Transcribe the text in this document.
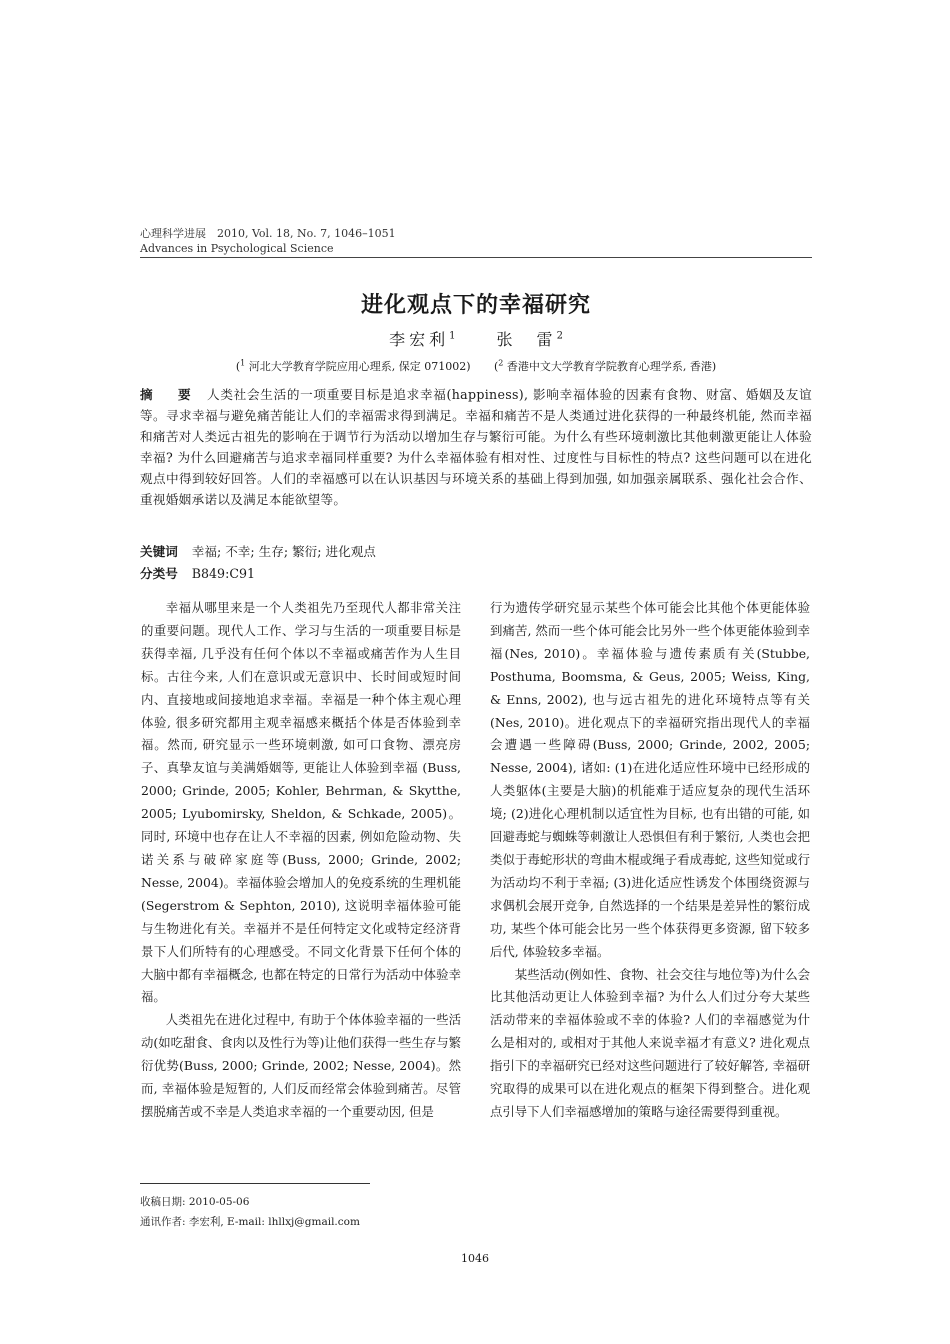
心理科学进展　2010, Vol. 18, No. 7, 1046–1051
Advances in Psychological Science
进化观点下的幸福研究
李宏利$^1$	张　雷$^2$
($^1$ 河北大学教育学院应用心理系, 保定 071002) ($^2$ 香港中文大学教育学院教育心理学系, 香港)
摘　要 人类社会生活的一项重要目标是追求幸福(happiness), 影响幸福体验的因素有食物、财富、婚姻及友谊等。寻求幸福与避免痛苦能让人们的幸福需求得到满足。幸福和痛苦不是人类通过进化获得的一种最终机能, 然而幸福和痛苦对人类远古祖先的影响在于调节行为活动以增加生存与繁衍可能。为什么有些环境刺激比其他刺激更能让人体验幸福? 为什么回避痛苦与追求幸福同样重要? 为什么幸福体验有相对性、过度性与目标性的特点? 这些问题可以在进化观点中得到较好回答。人们的幸福感可以在认识基因与环境关系的基础上得到加强, 如加强亲属联系、强化社会合作、重视婚姻承诺以及满足本能欲望等。
关键词 幸福; 不幸; 生存; 繁衍; 进化观点
分类号 B849:C91

幸福从哪里来是一个人类祖先乃至现代人都非常关注的重要问题。现代人工作、学习与生活的一项重要目标是获得幸福, 几乎没有任何个体以不幸福或痛苦作为人生目标。古往今来, 人们在意识或无意识中、长时间或短时间内、直接地或间接地追求幸福。幸福是一种个体主观心理体验, 很多研究都用主观幸福感来概括个体是否体验到幸福。然而, 研究显示一些环境刺激, 如可口食物、漂亮房子、真挚友谊与美满婚姻等, 更能让人体验到幸福 (Buss, 2000; Grinde, 2005; Kohler, Behrman, & Skytthe, 2005; Lyubomirsky, Sheldon, & Schkade, 2005)。同时, 环境中也存在让人不幸福的因素, 例如危险动物、失诺关系与破碎家庭等(Buss, 2000; Grinde, 2002; Nesse, 2004)。幸福体验会增加人的免疫系统的生理机能(Segerstrom & Sephton, 2010), 这说明幸福体验可能与生物进化有关。幸福并不是任何特定文化或特定经济背景下人们所特有的心理感受。不同文化背景下任何个体的大脑中都有幸福概念, 也都在特定的日常行为活动中体验幸福。

人类祖先在进化过程中, 有助于个体体验幸福的一些活动(如吃甜食、食肉以及性行为等)让他们获得一些生存与繁衍优势(Buss, 2000; Grinde, 2002; Nesse, 2004)。然而, 幸福体验是短暂的, 人们反而经常会体验到痛苦。尽管摆脱痛苦或不幸是人类追求幸福的一个重要动因, 但是

行为遗传学研究显示某些个体可能会比其他个体更能体验到痛苦, 然而一些个体可能会比另外一些个体更能体验到幸福(Nes, 2010)。幸福体验与遗传素质有关(Stubbe, Posthuma, Boomsma, & Geus, 2005; Weiss, King, & Enns, 2002), 也与远古祖先的进化环境特点等有关(Nes, 2010)。进化观点下的幸福研究指出现代人的幸福会遭遇一些障碍(Buss, 2000; Grinde, 2002, 2005; Nesse, 2004), 诸如: (1)在进化适应性环境中已经形成的人类躯体(主要是大脑)的机能难于适应复杂的现代生活环境; (2)进化心理机制以适宜性为目标, 也有出错的可能, 如回避毒蛇与蜘蛛等刺激让人恐惧但有利于繁衍, 人类也会把类似于毒蛇形状的弯曲木棍或绳子看成毒蛇, 这些知觉或行为活动均不利于幸福; (3)进化适应性诱发个体围绕资源与求偶机会展开竞争, 自然选择的一个结果是差异性的繁衍成功, 某些个体可能会比另一些个体获得更多资源, 留下较多后代, 体验较多幸福。

某些活动(例如性、食物、社会交往与地位等)为什么会比其他活动更让人体验到幸福? 为什么人们过分夸大某些活动带来的幸福体验或不幸的体验? 人们的幸福感觉为什么是相对的, 或相对于其他人来说幸福才有意义? 进化观点指引下的幸福研究已经对这些问题进行了较好解答, 幸福研究取得的成果可以在进化观点的框架下得到整合。进化观点引导下人们幸福感增加的策略与途径需要得到重视。

收稿日期: 2010-05-06
通讯作者: 李宏利, E-mail: lhllxj@gmail.com
1046
